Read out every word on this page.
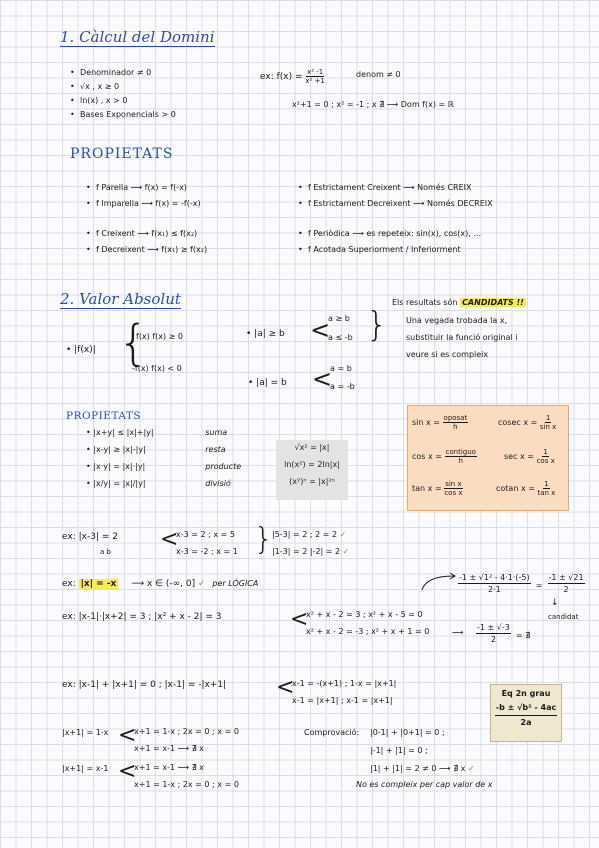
1. Càlcul del Domini
• Denominador ≠ 0
• √x , x ≥ 0
• ln(x) , x > 0
• Bases Exponencials > 0
ex: $f(x) = \frac{\text{x² -1}}{\text{x² +1}}$	denom ≠ 0
x²+1 = 0 ; x² = -1 ; x ∄ ⟶ Dom f(x) = ℝ
PROPIETATS
• f Parella ⟶ f(x) = f(-x)
• f Imparella ⟶ f(x) = -f(-x)
• f Creixent ⟶ f(x₁) ≤ f(x₂)
• f Decreixent ⟶ f(x₁) ≥ f(x₂)
• f Estrictament Creixent ⟶ Només CREIX
• f Estrictament Decreixent ⟶ Només DECREIX
• f Periòdica ⟶ es repeteix: sin(x), cos(x), ...
• f Acotada Superiorment / Inferiorment
2. Valor Absolut
• |f(x)| {
f(x) f(x) ≥ 0
-f(x) f(x) < 0
• |a| ≥ b <
a ≥ b
a ≤ -b }
• |a| = b <
a = b
a = -b
Els resultats són CANDIDATS !!
Una vegada trobada la x,
substituir la funció original i
veure si es compleix
PROPIETATS
• |x+y| ≤ |x|+|y|	suma
• |x-y| ≥ |x|-|y|	resta
• |x·y| = |x|·|y|	producte
• |x/y| = |x|/|y|	divisió
√x² = |x|
ln(x²) = 2ln|x|
(x²)ⁿ = |x|²ⁿ
$\sin x = \frac{\text{oposat}}{h}$	cosec $x = \frac{1}{\text{sin x}}$
$\cos x = \frac{\text{contiguo}}{h}$	$\sec x = \frac{1}{\text{cos x}}$
$\tan x = \frac{\text{sin x}}{\text{cos x}}$	cotan $x = \frac{1}{\text{tan x}}$
ex: |x-3| = 2
a b <
x-3 = 2 ; x = 5
x-3 = -2 ; x = 1 }
|5-3| = 2 ; 2 = 2 ✓
|1-3| = 2 |-2| = 2 ✓
ex: |x| = -x ⟶ x ∈ (-∞, 0] ✓ per LÒGICA	$\frac{\text{-1 ± √1² - 4·1·(-5)}}{2\cdot 1} = \frac{-1 \pm √21}{2}$
↓
candidat
ex: |x-1|·|x+2| = 3 ; |x² + x - 2| = 3	<
x² + x - 2 = 3 ; x² + x - 5 = 0
x² + x - 2 = -3 ; x² + x + 1 = 0	⟶ $\frac{-1 \pm √-3}{2}$ = ∄
ex: |x-1| + |x+1| = 0 ; |x-1| = -|x+1| <
x-1 = -(x+1) ; 1-x = |x+1|
x-1 = |x+1| ; x-1 = |x+1|
Eq 2n grau
$\frac{\text{-b ± √b² - 4ac}}{2a}$
|x+1| = 1-x <
x+1 = 1-x ; 2x = 0 ; x = 0
x+1 = x-1 ⟶ ∄ x
|x+1| = x-1 <
x+1 = x-1 ⟶ ∄ x
x+1 = 1-x ; 2x = 0 ; x = 0
Comprovació: |0-1| + |0+1| = 0 ;
|-1| + |1| = 0 ;
|1| + |1| = 2 ≠ 0 ⟶ ∄ x ✓
No es compleix per cap valor de x
